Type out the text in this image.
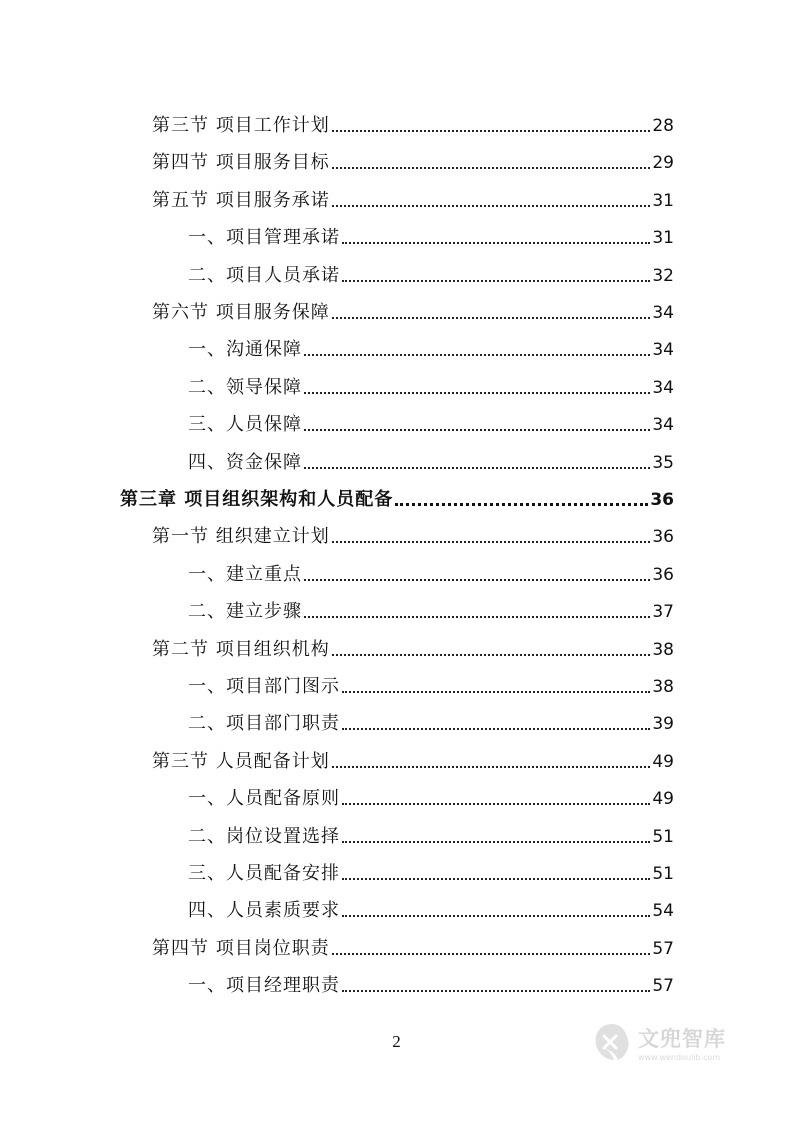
第三节 项目工作计划	28
第四节 项目服务目标	29
第五节 项目服务承诺	31
一、项目管理承诺	31
二、项目人员承诺	32
第六节 项目服务保障	34
一、沟通保障	34
二、领导保障	34
三、人员保障	34
四、资金保障	35
第三章 项目组织架构和人员配备	36
第一节 组织建立计划	36
一、建立重点	36
二、建立步骤	37
第二节 项目组织机构	38
一、项目部门图示	38
二、项目部门职责	39
第三节 人员配备计划	49
一、人员配备原则	49
二、岗位设置选择	51
三、人员配备安排	51
四、人员素质要求	54
第四节 项目岗位职责	57
一、项目经理职责	57
2	文兜智库
www.wendoulib.com
